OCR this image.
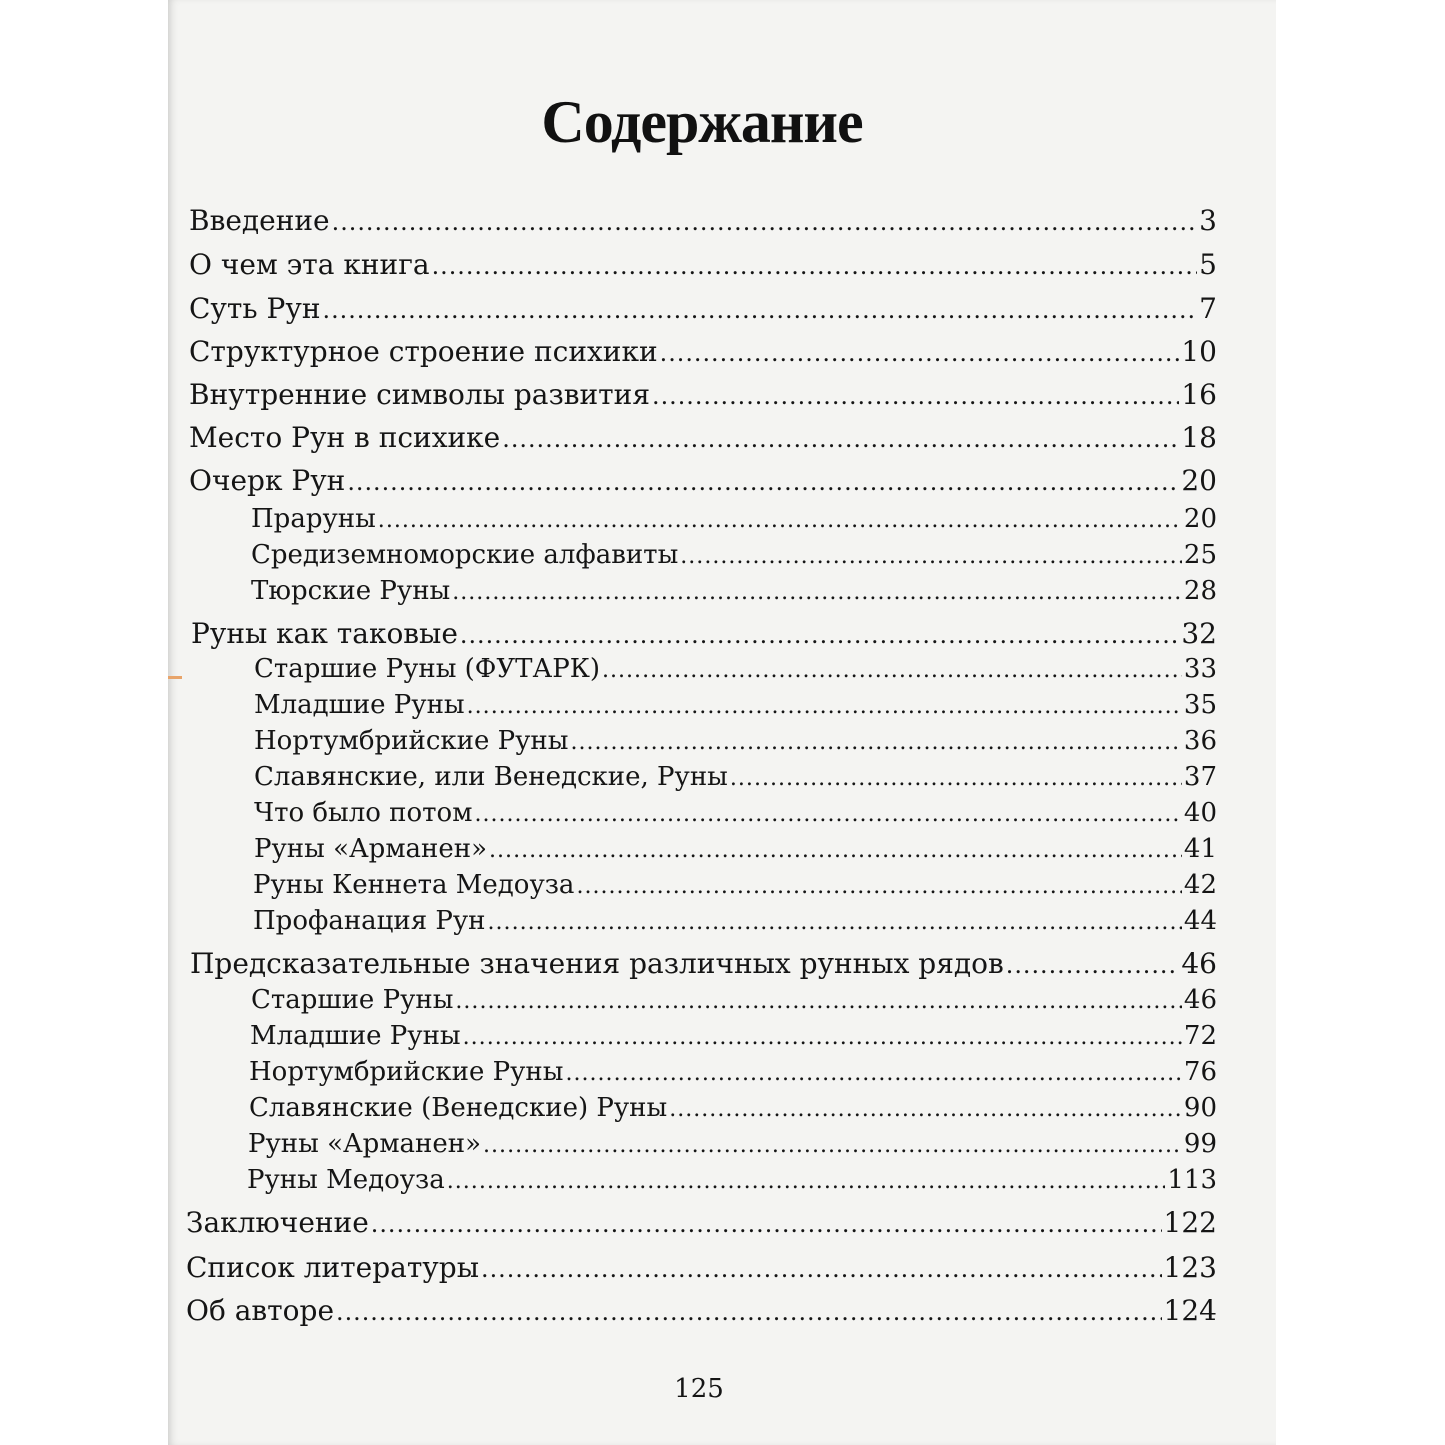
Содержание
Введение .....	3
О чем эта книга .....	5
Суть Рун .....	7
Структурное строение психики .....	10
Внутренние символы развития .....	16
Место Рун в психике .....	18
Очерк Рун .....	20
Праруны .....	20
Средиземноморские алфавиты .....	25
Тюрские Руны .....	28
Руны как таковые .....	32
Старшие Руны (ФУТАРК) .....	33
Младшие Руны .....	35
Нортумбрийские Руны .....	36
Славянские, или Венедские, Руны .....	37
Что было потом .....	40
Руны «Арманен» .....	41
Руны Кеннета Медоуза .....	42
Профанация Рун .....	44
Предсказательные значения различных рунных рядов .....	46
Старшие Руны .....	46
Младшие Руны .....	72
Нортумбрийские Руны .....	76
Славянские (Венедские) Руны .....	90
Руны «Арманен» .....	99
Руны Медоуза .....	113
Заключение .....	122
Список литературы .....	123
Об авторе .....	124
125
